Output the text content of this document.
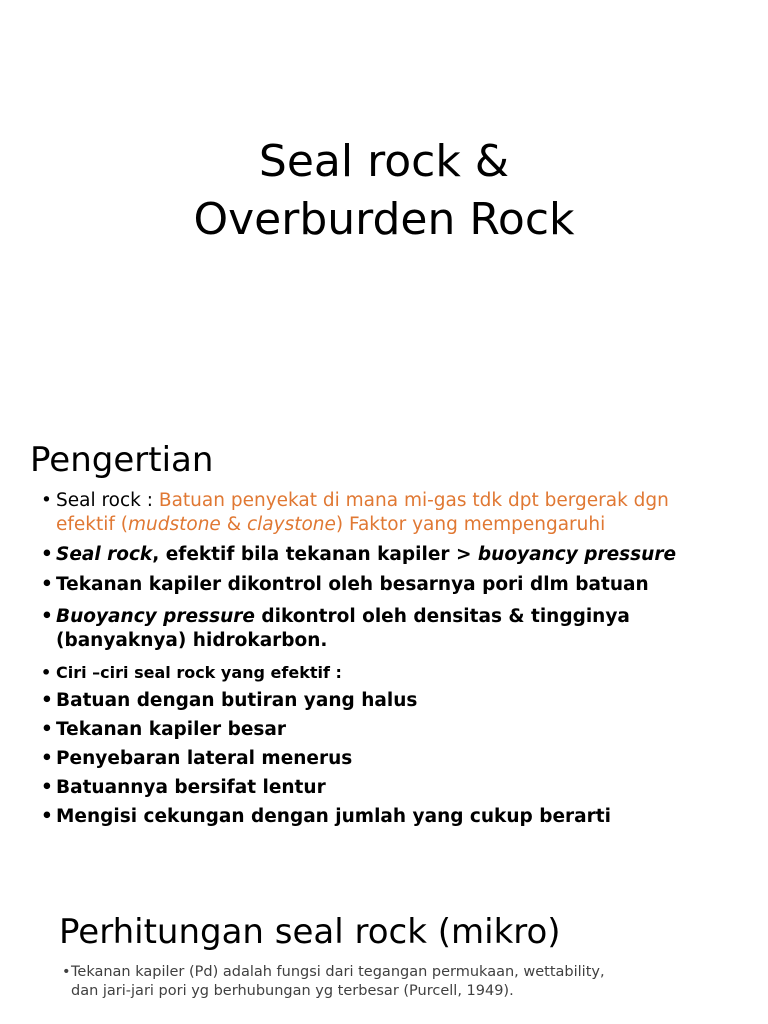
Seal rock &
Overburden Rock
Pengertian
• Seal rock : Batuan penyekat di mana mi-gas tdk dpt bergerak dgn
efektif (mudstone & claystone) Faktor yang mempengaruhi
• Seal rock, efektif bila tekanan kapiler > buoyancy pressure
• Tekanan kapiler dikontrol oleh besarnya pori dlm batuan
• Buoyancy pressure dikontrol oleh densitas & tingginya
(banyaknya) hidrokarbon.
• Ciri –ciri seal rock yang efektif :
• Batuan dengan butiran yang halus
• Tekanan kapiler besar
• Penyebaran lateral menerus
• Batuannya bersifat lentur
• Mengisi cekungan dengan jumlah yang cukup berarti
Perhitungan seal rock (mikro)
• Tekanan kapiler (Pd) adalah fungsi dari tegangan permukaan, wettability,
dan jari-jari pori yg berhubungan yg terbesar (Purcell, 1949).
